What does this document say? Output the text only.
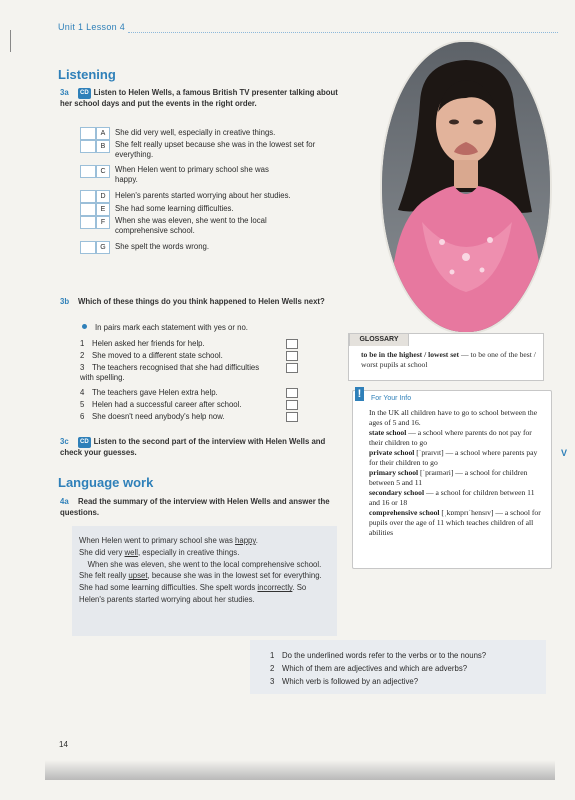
Unit 1 Lesson 4
Listening
3a CD Listen to Helen Wells, a famous British TV presenter talking about her school days and put the events in the right order.
A	She did very well, especially in creative things.
B	She felt really upset because she was in the lowest set for everything.
C	When Helen went to primary school she was happy.
D	Helen's parents started worrying about her studies.
E	She had some learning difficulties.
F	When she was eleven, she went to the local comprehensive school.
G	She spelt the words wrong.
3b Which of these things do you think happened to Helen Wells next?
In pairs mark each statement with yes or no.
1 Helen asked her friends for help.
2 She moved to a different state school.
3 The teachers recognised that she had difficulties with spelling.
4 The teachers gave Helen extra help.
5 Helen had a successful career after school.
6 She doesn't need anybody's help now.
3c CD Listen to the second part of the interview with Helen Wells and check your guesses.
Language work
4a Read the summary of the interview with Helen Wells and answer the questions.

When Helen went to primary school she was happy.
She did very well, especially in creative things.
When she was eleven, she went to the local comprehensive school. She felt really upset, because she was in the lowest set for everything. She had some learning difficulties. She spelt words incorrectly. So Helen's parents started worrying about her studies.

GLOSSARY
to be in the highest / lowest set — to be one of the best / worst pupils at school
!	For Your Info

In the UK all children have to go to school between the ages of 5 and 16.

state school — a school where parents do not pay for their children to go

private school [ˈpraɪvɪt] — a school where parents pay for their children to go

primary school [ˈpraɪməri] — a school for children between 5 and 11

secondary school — a school for children between 11 and 16 or 18

comprehensive school [ˌkɒmprɪˈhensɪv] — a school for pupils over the age of 11 which teaches children of all abilities

V
1 Do the underlined words refer to the verbs or to the nouns?
2 Which of them are adjectives and which are adverbs?
3 Which verb is followed by an adjective?
14
